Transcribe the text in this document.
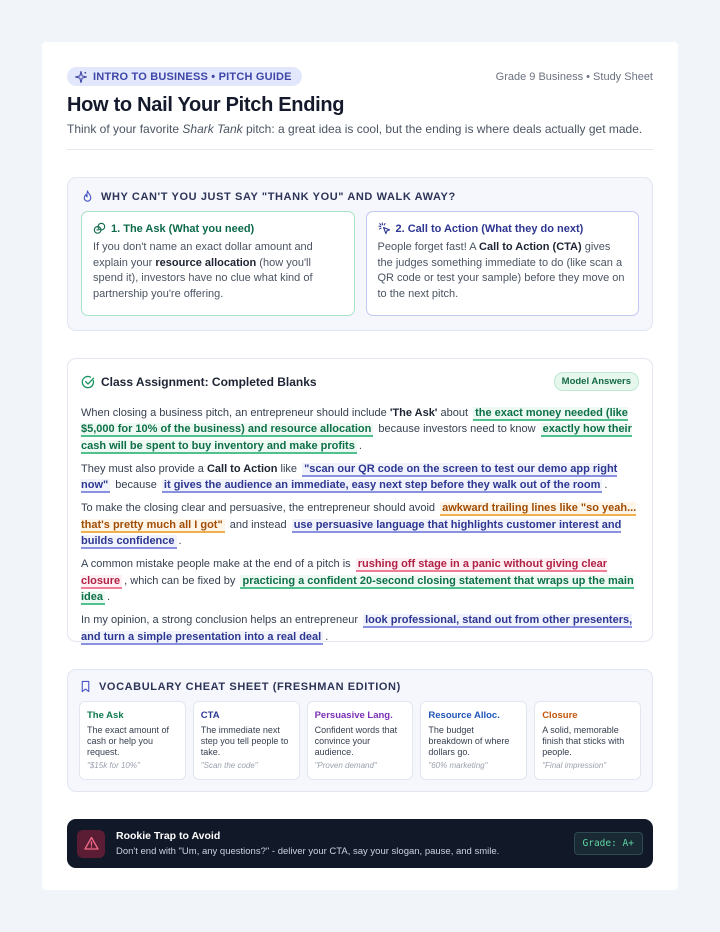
INTRO TO BUSINESS • PITCH GUIDE	Grade 9 Business • Study Sheet
How to Nail Your Pitch Ending

Think of your favorite Shark Tank pitch: a great idea is cool, but the ending is where deals actually get made.

WHY CAN'T YOU JUST SAY "THANK YOU" AND WALK AWAY?
1. The Ask (What you need)

If you don't name an exact dollar amount and explain your resource allocation (how you'll spend it), investors have no clue what kind of partnership you're offering.

2. Call to Action (What they do next)

People forget fast! A Call to Action (CTA) gives the judges something immediate to do (like scan a QR code or test your sample) before they move on to the next pitch.

Class Assignment: Completed Blanks	Model Answers

When closing a business pitch, an entrepreneur should include 'The Ask' about the exact money needed (like $5,000 for 10% of the business) and resource allocation because investors need to know exactly how their cash will be spent to buy inventory and make profits .

They must also provide a Call to Action like "scan our QR code on the screen to test our demo app right now" because it gives the audience an immediate, easy next step before they walk out of the room .

To make the closing clear and persuasive, the entrepreneur should avoid awkward trailing lines like "so yeah... that's pretty much all I got" and instead use persuasive language that highlights customer interest and builds confidence .

A common mistake people make at the end of a pitch is rushing off stage in a panic without giving clear closure , which can be fixed by practicing a confident 20-second closing statement that wraps up the main idea .

In my opinion, a strong conclusion helps an entrepreneur look professional, stand out from other presenters, and turn a simple presentation into a real deal .

VOCABULARY CHEAT SHEET (FRESHMAN EDITION)
The Ask
The exact amount of cash or help you request.
"$15k for 10%"
CTA
The immediate next step you tell people to take.
"Scan the code"
Persuasive Lang.
Confident words that convince your audience.
"Proven demand"
Resource Alloc.
The budget breakdown of where dollars go.
"60% marketing"
Closure
A solid, memorable finish that sticks with people.
"Final impression"
Rookie Trap to Avoid
Don't end with "Um, any questions?" - deliver your CTA, say your slogan, pause, and smile.
Grade: A+
